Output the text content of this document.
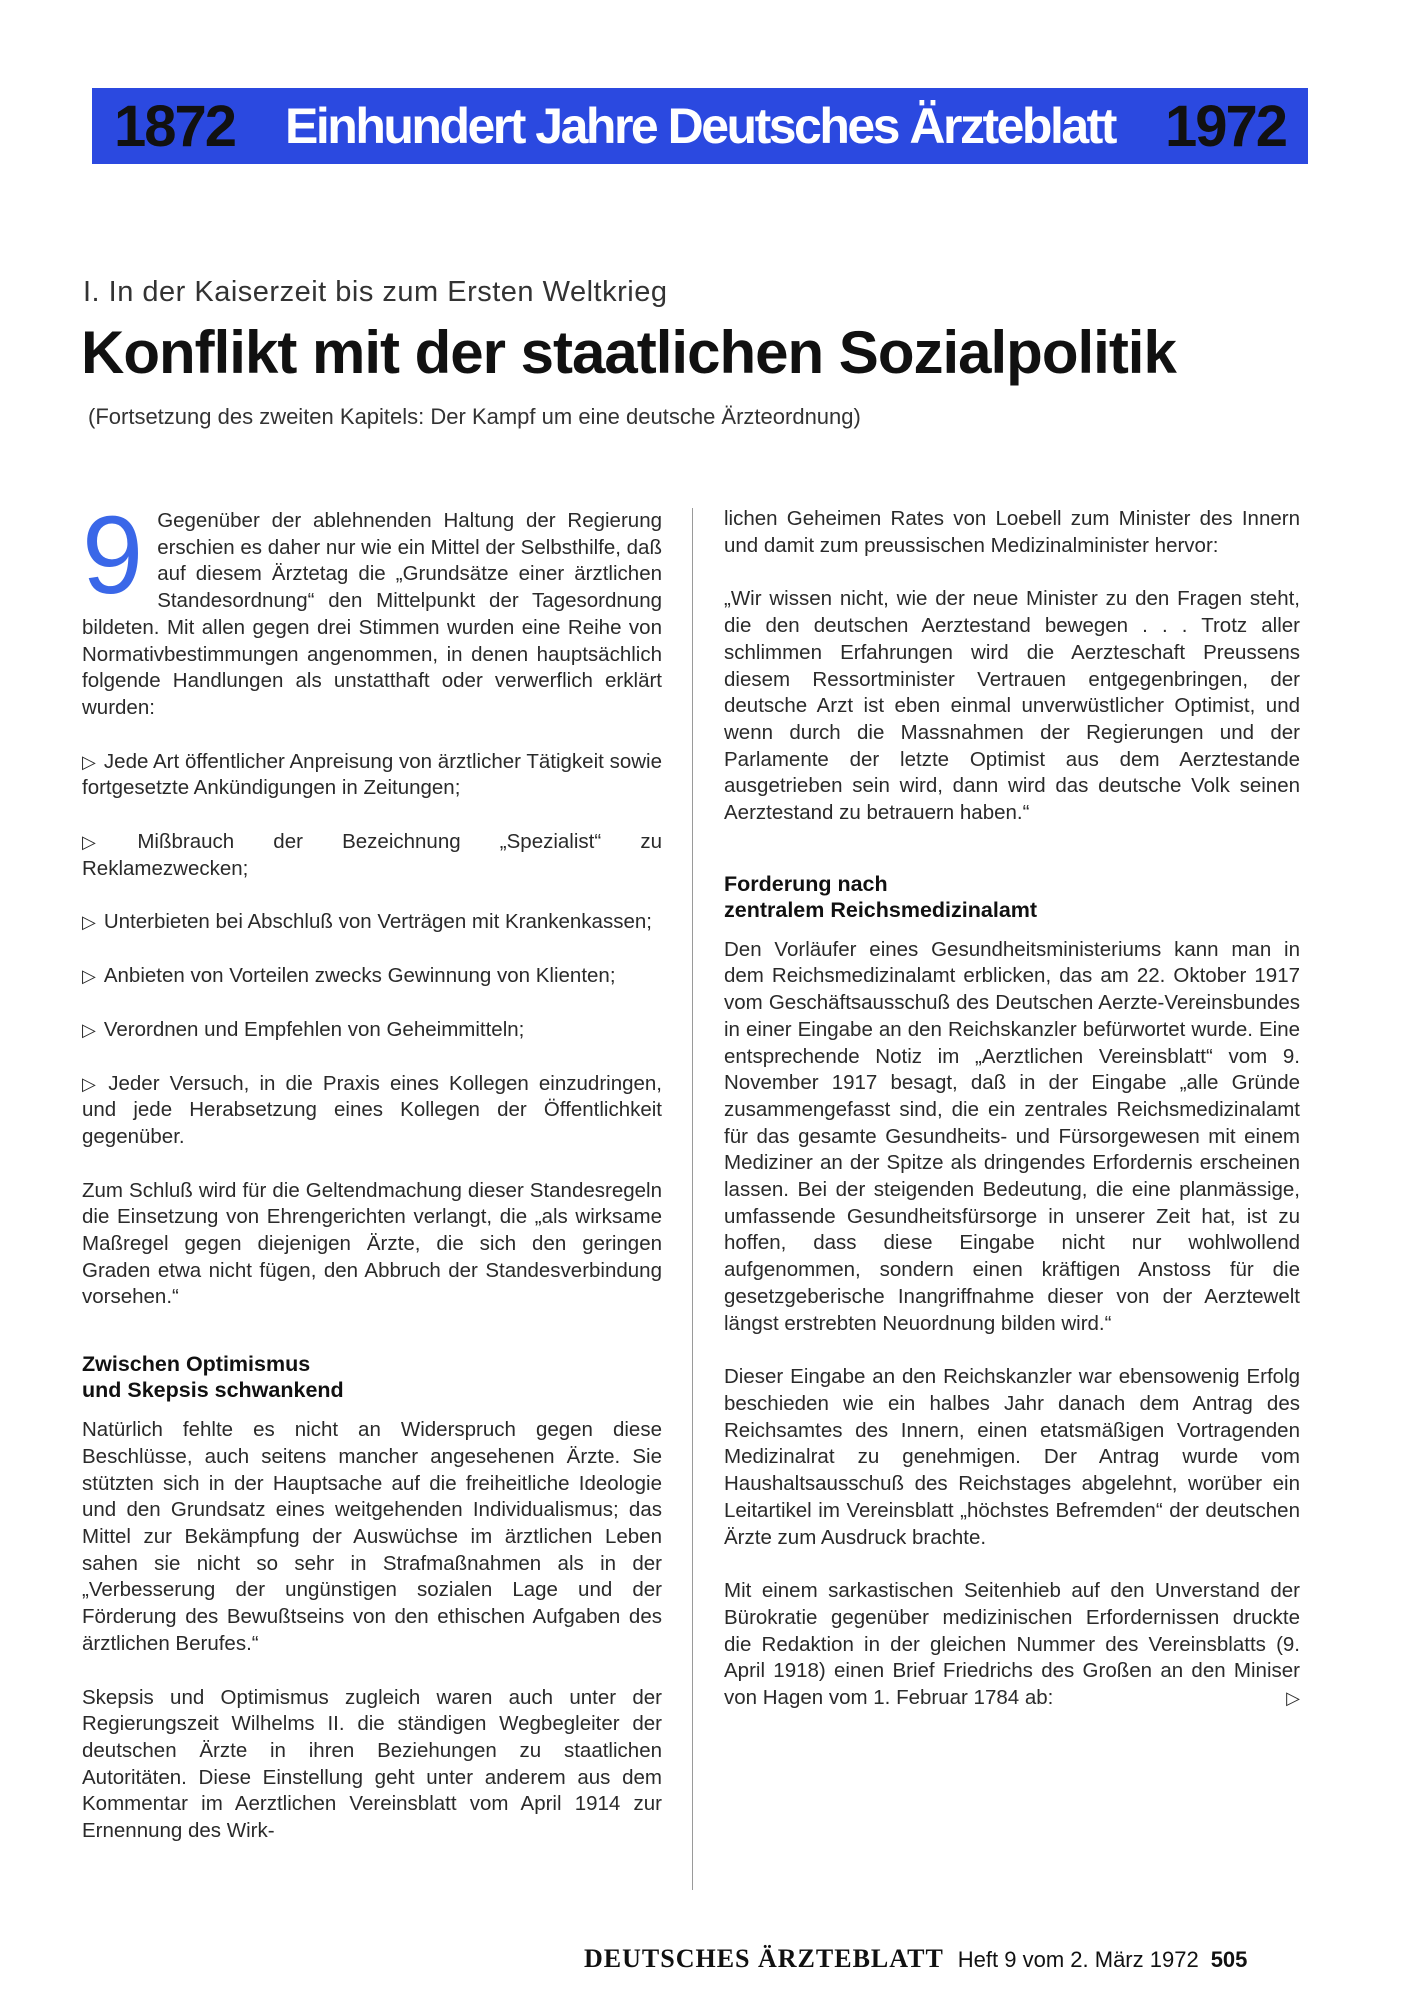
1872 Einhundert Jahre Deutsches Ärzteblatt 1972
I. In der Kaiserzeit bis zum Ersten Weltkrieg
Konflikt mit der staatlichen Sozialpolitik
(Fortsetzung des zweiten Kapitels: Der Kampf um eine deutsche Ärzteordnung)

9 Gegenüber der ablehnenden Haltung der Regierung erschien es daher nur wie ein Mittel der Selbsthilfe, daß auf diesem Ärztetag die „Grundsätze einer ärztlichen Standesordnung“ den Mittelpunkt der Tagesordnung bildeten. Mit allen gegen drei Stimmen wurden eine Reihe von Normativbestimmungen angenommen, in denen hauptsächlich folgende Handlungen als unstatthaft oder verwerflich erklärt wurden:

▷ Jede Art öffentlicher Anpreisung von ärztlicher Tätigkeit sowie fortgesetzte Ankündigungen in Zeitungen;

▷ Mißbrauch der Bezeichnung „Spezialist“ zu Reklamezwecken;

▷ Unterbieten bei Abschluß von Verträgen mit Krankenkassen;

▷ Anbieten von Vorteilen zwecks Gewinnung von Klienten;

▷ Verordnen und Empfehlen von Geheimmitteln;

▷ Jeder Versuch, in die Praxis eines Kollegen einzudringen, und jede Herabsetzung eines Kollegen der Öffentlichkeit gegenüber.

Zum Schluß wird für die Geltendmachung dieser Standesregeln die Einsetzung von Ehrengerichten verlangt, die „als wirksame Maßregel gegen diejenigen Ärzte, die sich den geringen Graden etwa nicht fügen, den Abbruch der Standesverbindung vorsehen.“

Zwischen Optimismus
und Skepsis schwankend

Natürlich fehlte es nicht an Widerspruch gegen diese Beschlüsse, auch seitens mancher angesehenen Ärzte. Sie stützten sich in der Hauptsache auf die freiheitliche Ideologie und den Grundsatz eines weitgehenden Individualismus; das Mittel zur Bekämpfung der Auswüchse im ärztlichen Leben sahen sie nicht so sehr in Strafmaßnahmen als in der „Verbesserung der ungünstigen sozialen Lage und der Förderung des Bewußtseins von den ethischen Aufgaben des ärztlichen Berufes.“

Skepsis und Optimismus zugleich waren auch unter der Regierungszeit Wilhelms II. die ständigen Wegbegleiter der deutschen Ärzte in ihren Beziehungen zu staatlichen Autoritäten. Diese Einstellung geht unter anderem aus dem Kommentar im Aerztlichen Vereinsblatt vom April 1914 zur Ernennung des Wirk-

lichen Geheimen Rates von Loebell zum Minister des Innern und damit zum preussischen Medizinalminister hervor:

„Wir wissen nicht, wie der neue Minister zu den Fragen steht, die den deutschen Aerztestand bewegen . . . Trotz aller schlimmen Erfahrungen wird die Aerzteschaft Preussens diesem Ressortminister Vertrauen entgegenbringen, der deutsche Arzt ist eben einmal unverwüstlicher Optimist, und wenn durch die Massnahmen der Regierungen und der Parlamente der letzte Optimist aus dem Aerztestande ausgetrieben sein wird, dann wird das deutsche Volk seinen Aerztestand zu betrauern haben.“

Forderung nach
zentralem Reichsmedizinalamt

Den Vorläufer eines Gesundheitsministeriums kann man in dem Reichsmedizinalamt erblicken, das am 22. Oktober 1917 vom Geschäftsausschuß des Deutschen Aerzte-Vereinsbundes in einer Eingabe an den Reichskanzler befürwortet wurde. Eine entsprechende Notiz im „Aerztlichen Vereinsblatt“ vom 9. November 1917 besagt, daß in der Eingabe „alle Gründe zusammengefasst sind, die ein zentrales Reichsmedizinalamt für das gesamte Gesundheits- und Fürsorgewesen mit einem Mediziner an der Spitze als dringendes Erfordernis erscheinen lassen. Bei der steigenden Bedeutung, die eine planmässige, umfassende Gesundheitsfürsorge in unserer Zeit hat, ist zu hoffen, dass diese Eingabe nicht nur wohlwollend aufgenommen, sondern einen kräftigen Anstoss für die gesetzgeberische Inangriffnahme dieser von der Aerztewelt längst erstrebten Neuordnung bilden wird.“

Dieser Eingabe an den Reichskanzler war ebensowenig Erfolg beschieden wie ein halbes Jahr danach dem Antrag des Reichsamtes des Innern, einen etatsmäßigen Vortragenden Medizinalrat zu genehmigen. Der Antrag wurde vom Haushaltsausschuß des Reichstages abgelehnt, worüber ein Leitartikel im Vereinsblatt „höchstes Befremden“ der deutschen Ärzte zum Ausdruck brachte.

Mit einem sarkastischen Seitenhieb auf den Unverstand der Bürokratie gegenüber medizinischen Erfordernissen druckte die Redaktion in der gleichen Nummer des Vereinsblatts (9. April 1918) einen Brief Friedrichs des Großen an den Miniser von Hagen vom 1. Februar 1784 ab:	▷

DEUTSCHES ÄRZTEBLATT Heft 9 vom 2. März 1972 505
